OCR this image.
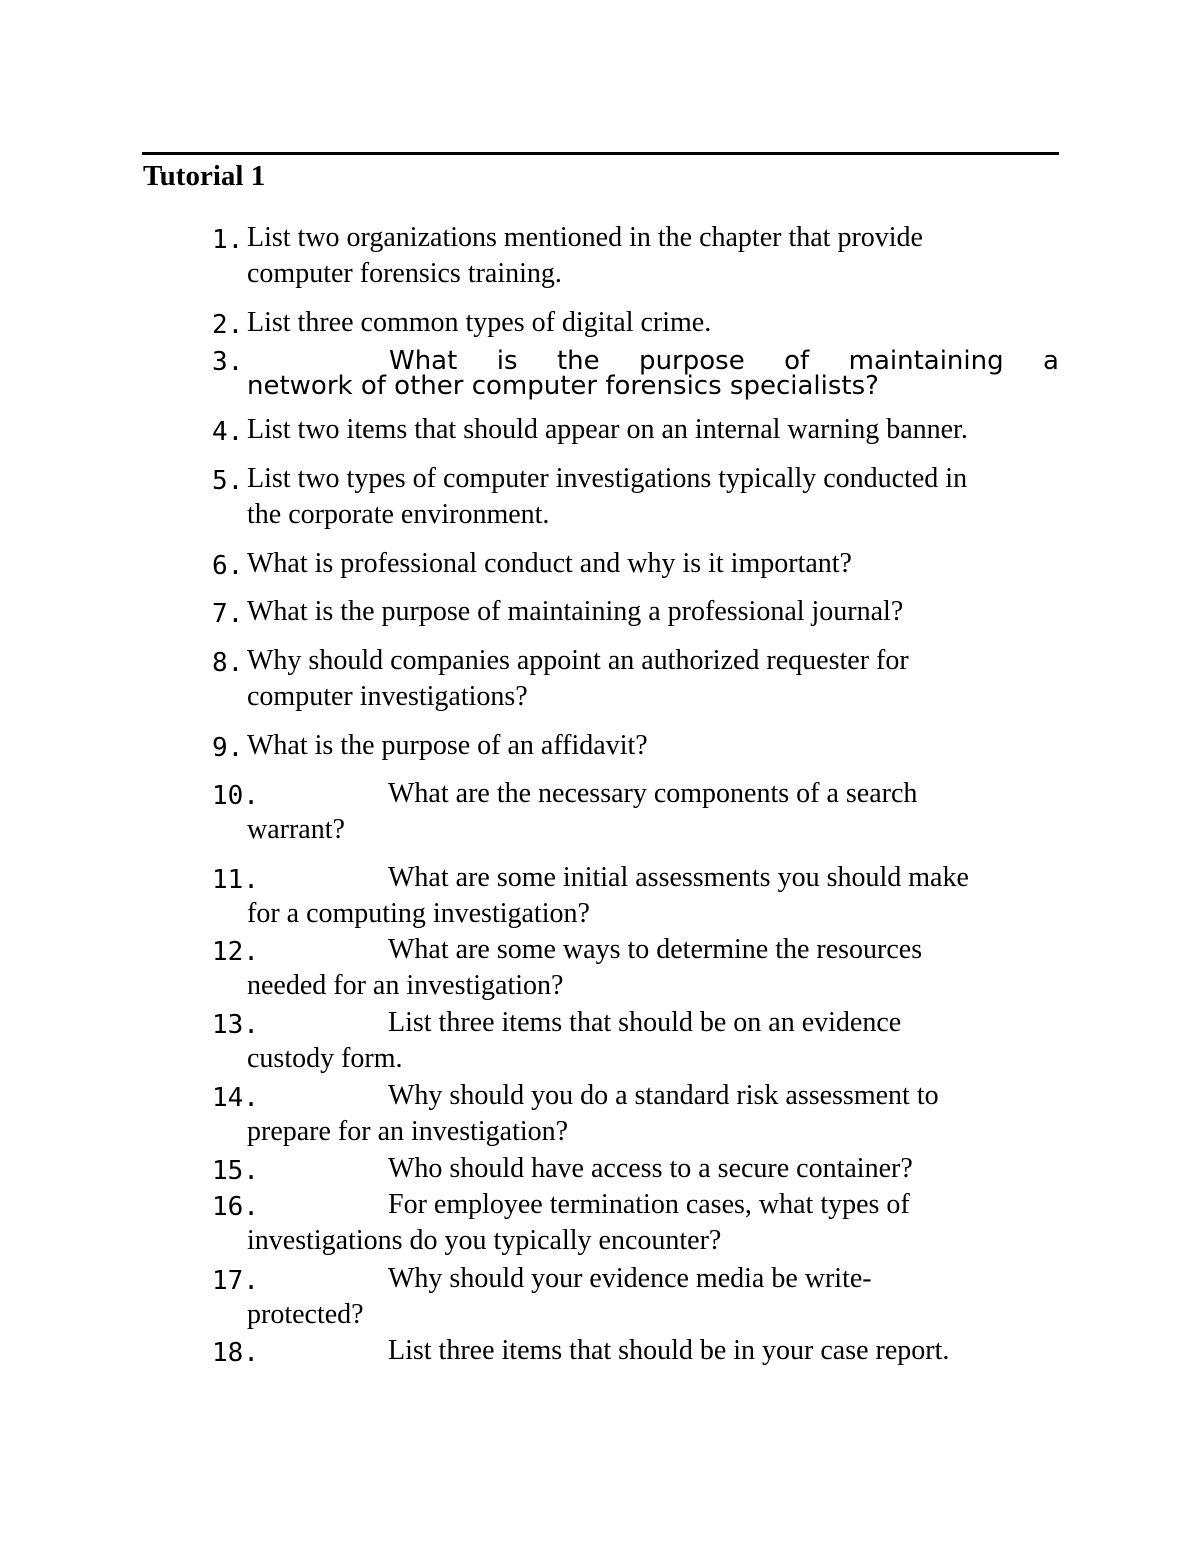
Tutorial 1
1. List two organizations mentioned in the chapter that provide
computer forensics training.
2. List three common types of digital crime.
3.	What is the purpose of maintaining a
network of other computer forensics specialists?
4. List two items that should appear on an internal warning banner.
5. List two types of computer investigations typically conducted in
the corporate environment.
6. What is professional conduct and why is it important?
7. What is the purpose of maintaining a professional journal?
8. Why should companies appoint an authorized requester for
computer investigations?
9. What is the purpose of an affidavit?
10.	What are the necessary components of a search
warrant?
11.	What are some initial assessments you should make
for a computing investigation?
12.	What are some ways to determine the resources
needed for an investigation?
13.	List three items that should be on an evidence
custody form.
14.	Why should you do a standard risk assessment to
prepare for an investigation?
15.	Who should have access to a secure container?
16.	For employee termination cases, what types of
investigations do you typically encounter?
17.	Why should your evidence media be write-
protected?
18.	List three items that should be in your case report.
